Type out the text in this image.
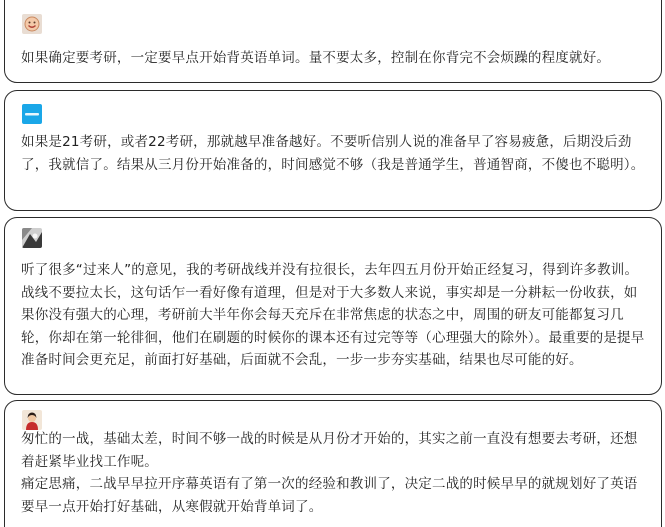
如果确定要考研，一定要早点开始背英语单词。量不要太多，控制在你背完不会烦躁的程度就好。
如果是21考研，或者22考研，那就越早准备越好。不要听信别人说的准备早了容易疲惫，后期没后劲了，我就信了。结果从三月份开始准备的，时间感觉不够（我是普通学生，普通智商，不傻也不聪明）。
听了很多“过来人”的意见，我的考研战线并没有拉很长，去年四五月份开始正经复习，得到许多教训。战线不要拉太长，这句话乍一看好像有道理，但是对于大多数人来说，事实却是一分耕耘一份收获，如果你没有强大的心理，考研前大半年你会每天充斥在非常焦虑的状态之中，周围的研友可能都复习几轮，你却在第一轮徘徊，他们在刷题的时候你的课本还有过完等等（心理强大的除外）。最重要的是提早准备时间会更充足，前面打好基础，后面就不会乱，一步一步夯实基础，结果也尽可能的好。

匆忙的一战，基础太差，时间不够一战的时候是从月份才开始的，其实之前一直没有想要去考研，还想着赶紧毕业找工作呢。

痛定思痛，二战早早拉开序幕英语有了第一次的经验和教训了，决定二战的时候早早的就规划好了英语要早一点开始打好基础，从寒假就开始背单词了。
